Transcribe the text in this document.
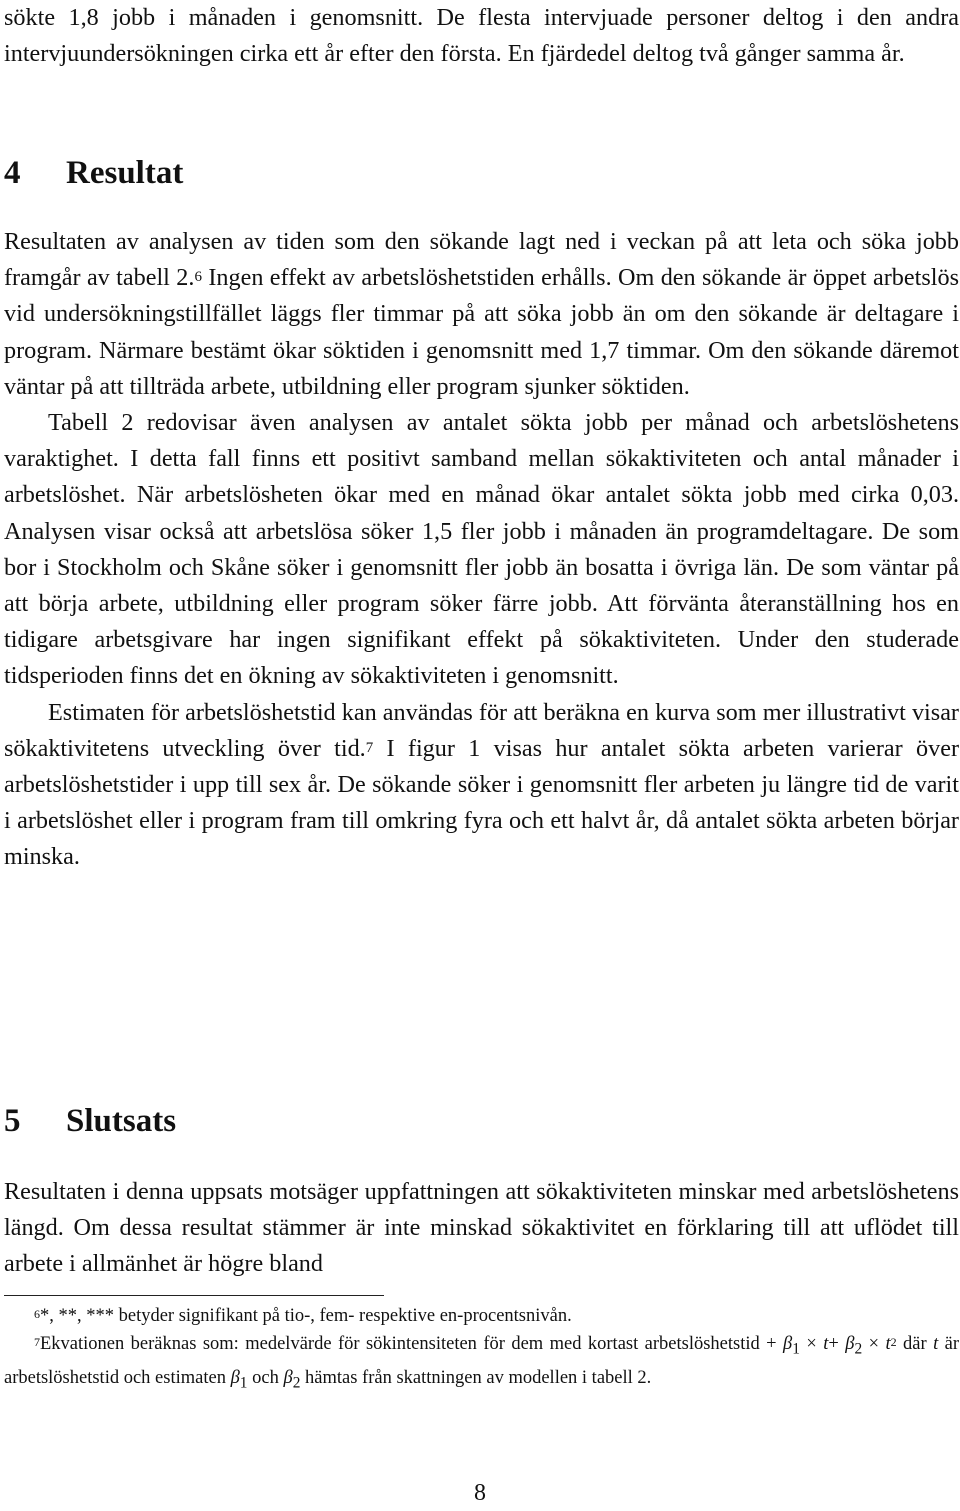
sökte 1,8 jobb i månaden i genomsnitt. De flesta intervjuade personer deltog i den andra intervjuundersökningen cirka ett år efter den första. En fjärdedel deltog två gånger samma år.

4 Resultat

Resultaten av analysen av tiden som den sökande lagt ned i veckan på att leta och söka jobb framgår av tabell 2.$^6$ Ingen effekt av arbetslöshetstiden erhålls. Om den sökande är öppet arbetslös vid undersökningstillfället läggs fler timmar på att söka jobb än om den sökande är deltagare i program. Närmare bestämt ökar söktiden i genomsnitt med 1,7 timmar. Om den sökande däremot väntar på att tillträda arbete, utbildning eller program sjunker söktiden.

Tabell 2 redovisar även analysen av antalet sökta jobb per månad och arbetslöshetens varaktighet. I detta fall finns ett positivt samband mellan sökaktiviteten och antal månader i arbetslöshet. När arbetslösheten ökar med en månad ökar antalet sökta jobb med cirka 0,03. Analysen visar också att arbetslösa söker 1,5 fler jobb i månaden än programdeltagare. De som bor i Stockholm och Skåne söker i genomsnitt fler jobb än bosatta i övriga län. De som väntar på att börja arbete, utbildning eller program söker färre jobb. Att förvänta återanställning hos en tidigare arbetsgivare har ingen signifikant effekt på sökaktiviteten. Under den studerade tidsperioden finns det en ökning av sökaktiviteten i genomsnitt.

Estimaten för arbetslöshetstid kan användas för att beräkna en kurva som mer illustrativt visar sökaktivitetens utveckling över tid.$^7$ I figur 1 visas hur antalet sökta arbeten varierar över arbetslöshetstider i upp till sex år. De sökande söker i genomsnitt fler arbeten ju längre tid de varit i arbetslöshet eller i program fram till omkring fyra och ett halvt år, då antalet sökta arbeten börjar minska.

5 Slutsats

Resultaten i denna uppsats motsäger uppfattningen att sökaktiviteten minskar med arbetslöshetens längd. Om dessa resultat stämmer är inte minskad sökaktivitet en förklaring till att uflödet till arbete i allmänhet är högre bland

$^6$*, **, *** betyder signifikant på tio-, fem- respektive en-procentsnivån.

$^7$Ekvationen beräknas som: medelvärde för sökintensiteten för dem med kortast arbetslöshetstid + $\beta_1 \times t+ \beta_2 \times t^2$ där t är arbetslöshetstid och estimaten $\beta_1$ och $\beta_2$ hämtas från skattningen av modellen i tabell 2.

8
